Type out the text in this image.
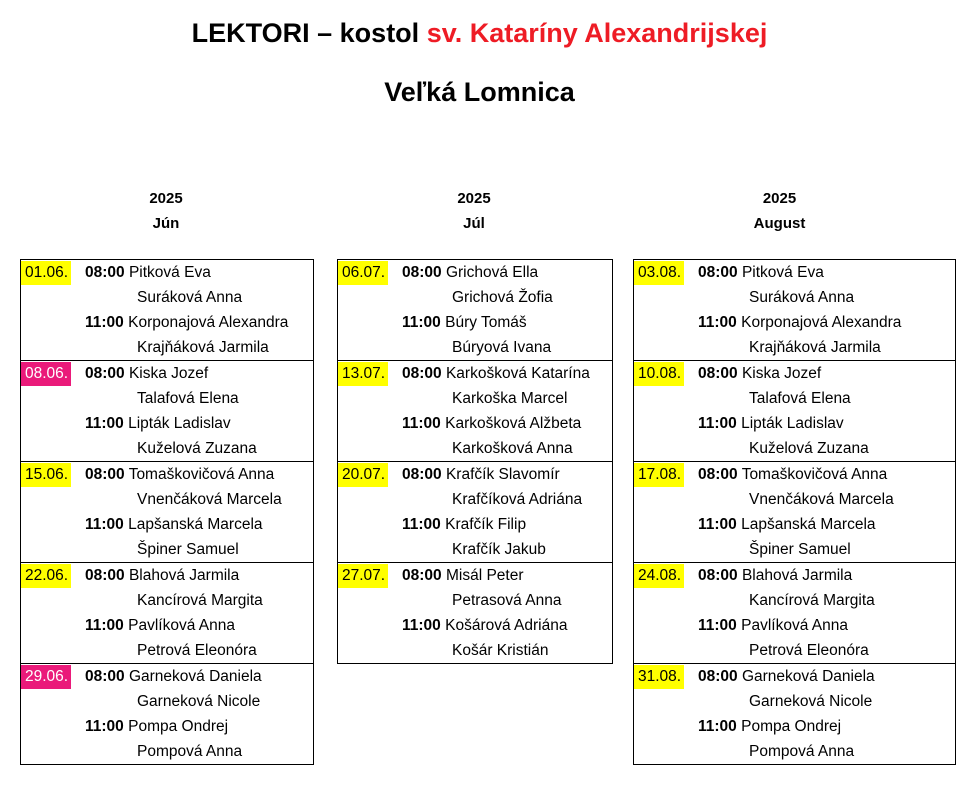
LEKTORI – kostol sv. Kataríny Alexandrijskej
Veľká Lomnica
2025
Jún
01.06. 08:00 Pitková Eva
Suráková Anna
11:00 Korponajová Alexandra
Krajňáková Jarmila
08.06. 08:00 Kiska Jozef
Talafová Elena
11:00 Lipták Ladislav
Kuželová Zuzana
15.06. 08:00 Tomaškovičová Anna
Vnenčáková Marcela
11:00 Lapšanská Marcela
Špiner Samuel
22.06. 08:00 Blahová Jarmila
Kancírová Margita
11:00 Pavlíková Anna
Petrová Eleonóra
29.06. 08:00 Garneková Daniela
Garneková Nicole
11:00 Pompa Ondrej
Pompová Anna
2025
Júl
06.07. 08:00 Grichová Ella
Grichová Žofia
11:00 Búry Tomáš
Búryová Ivana
13.07. 08:00 Karkošková Katarína
Karkoška Marcel
11:00 Karkošková Alžbeta
Karkošková Anna
20.07. 08:00 Krafčík Slavomír
Krafčíková Adriána
11:00 Krafčík Filip
Krafčík Jakub
27.07. 08:00 Misál Peter
Petrasová Anna
11:00 Košárová Adriána
Košár Kristián
2025
August
03.08. 08:00 Pitková Eva
Suráková Anna
11:00 Korponajová Alexandra
Krajňáková Jarmila
10.08. 08:00 Kiska Jozef
Talafová Elena
11:00 Lipták Ladislav
Kuželová Zuzana
17.08. 08:00 Tomaškovičová Anna
Vnenčáková Marcela
11:00 Lapšanská Marcela
Špiner Samuel
24.08. 08:00 Blahová Jarmila
Kancírová Margita
11:00 Pavlíková Anna
Petrová Eleonóra
31.08. 08:00 Garneková Daniela
Garneková Nicole
11:00 Pompa Ondrej
Pompová Anna
